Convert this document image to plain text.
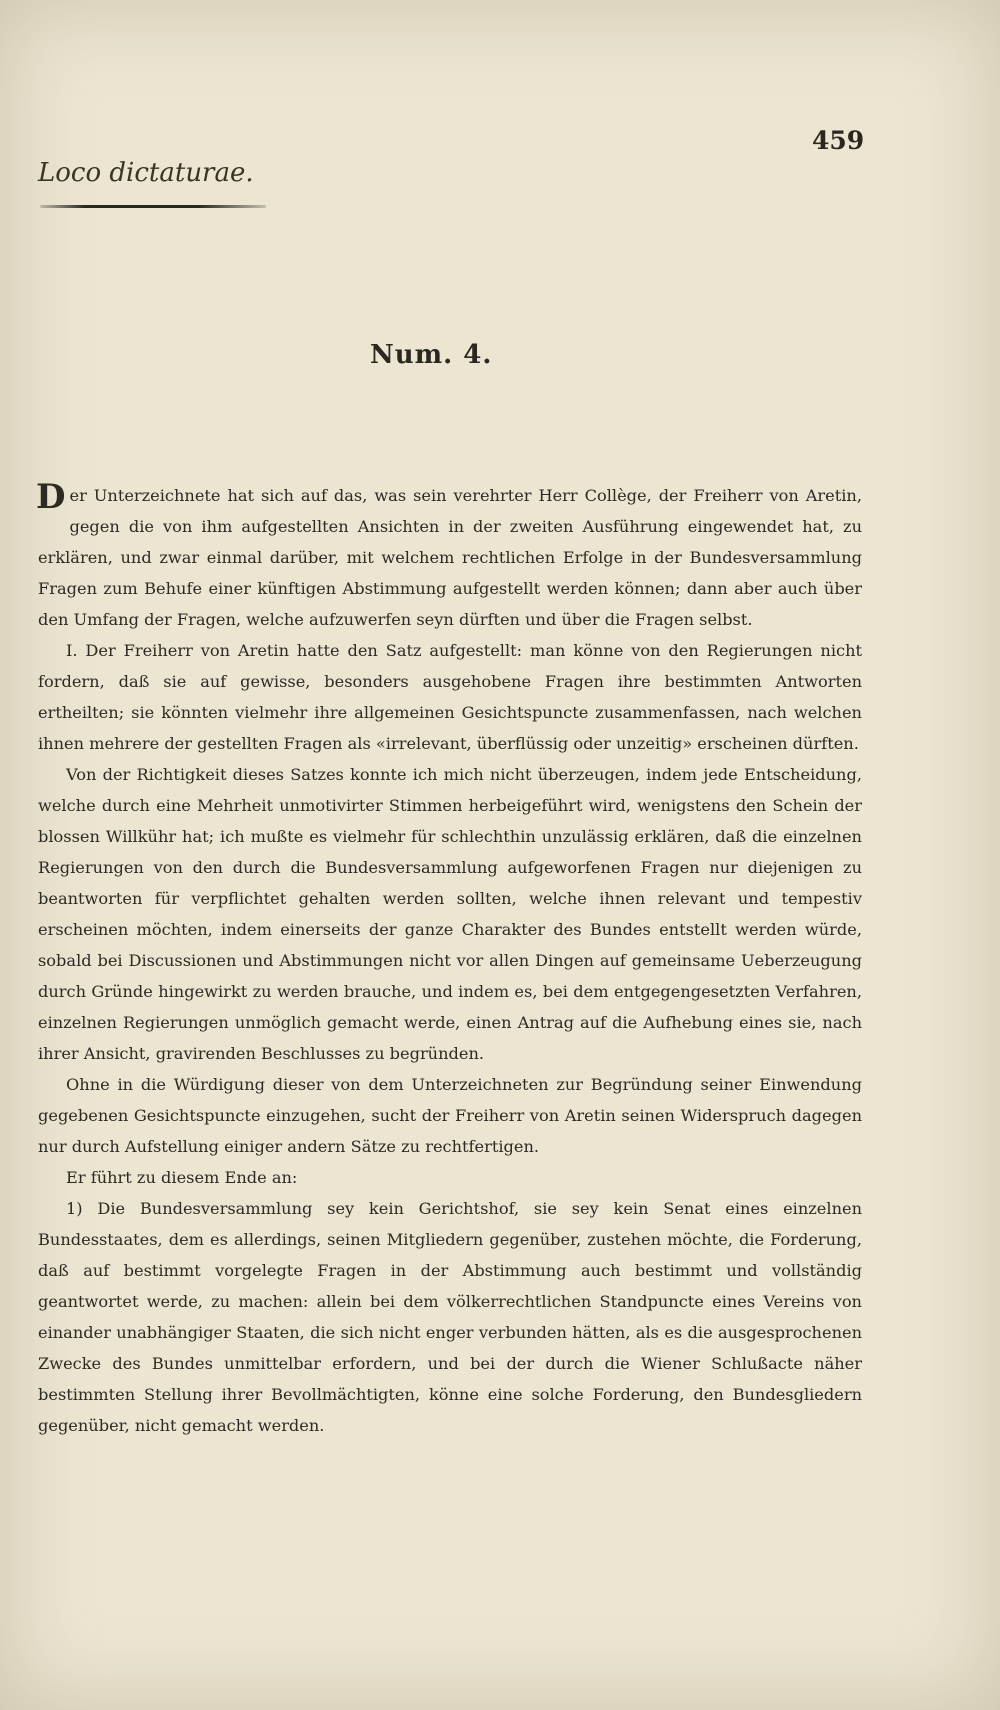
Loco dictaturae.
459
Num. 4.

Der Unterzeichnete hat sich auf das, was sein verehrter Herr Collège, der Freiherr von Aretin, gegen die von ihm aufgestellten Ansichten in der zweiten Ausführung eingewendet hat, zu erklären, und zwar einmal darüber, mit welchem rechtlichen Erfolge in der Bundesversammlung Fragen zum Behufe einer künftigen Abstimmung aufgestellt werden können; dann aber auch über den Umfang der Fragen, welche aufzuwerfen seyn dürften und über die Fragen selbst.

I. Der Freiherr von Aretin hatte den Satz aufgestellt: man könne von den Regierungen nicht fordern, daß sie auf gewisse, besonders ausgehobene Fragen ihre bestimmten Antworten ertheilten; sie könnten vielmehr ihre allgemeinen Gesichtspuncte zusammenfassen, nach welchen ihnen mehrere der gestellten Fragen als «irrelevant, überflüssig oder unzeitig» erscheinen dürften.

Von der Richtigkeit dieses Satzes konnte ich mich nicht überzeugen, indem jede Entscheidung, welche durch eine Mehrheit unmotivirter Stimmen herbeigeführt wird, wenigstens den Schein der blossen Willkühr hat; ich mußte es vielmehr für schlechthin unzulässig erklären, daß die einzelnen Regierungen von den durch die Bundesversammlung aufgeworfenen Fragen nur diejenigen zu beantworten für verpflichtet gehalten werden sollten, welche ihnen relevant und tempestiv erscheinen möchten, indem einerseits der ganze Charakter des Bundes entstellt werden würde, sobald bei Discussionen und Abstimmungen nicht vor allen Dingen auf gemeinsame Ueberzeugung durch Gründe hingewirkt zu werden brauche, und indem es, bei dem entgegengesetzten Verfahren, einzelnen Regierungen unmöglich gemacht werde, einen Antrag auf die Aufhebung eines sie, nach ihrer Ansicht, gravirenden Beschlusses zu begründen.

Ohne in die Würdigung dieser von dem Unterzeichneten zur Begründung seiner Einwendung gegebenen Gesichtspuncte einzugehen, sucht der Freiherr von Aretin seinen Widerspruch dagegen nur durch Aufstellung einiger andern Sätze zu rechtfertigen.

Er führt zu diesem Ende an:

1) Die Bundesversammlung sey kein Gerichtshof, sie sey kein Senat eines einzelnen Bundesstaates, dem es allerdings, seinen Mitgliedern gegenüber, zustehen möchte, die Forderung, daß auf bestimmt vorgelegte Fragen in der Abstimmung auch bestimmt und vollständig geantwortet werde, zu machen: allein bei dem völkerrechtlichen Standpuncte eines Vereins von einander unabhängiger Staaten, die sich nicht enger verbunden hätten, als es die ausgesprochenen Zwecke des Bundes unmittelbar erfordern, und bei der durch die Wiener Schlußacte näher bestimmten Stellung ihrer Bevollmächtigten, könne eine solche Forderung, den Bundesgliedern gegenüber, nicht gemacht werden.
